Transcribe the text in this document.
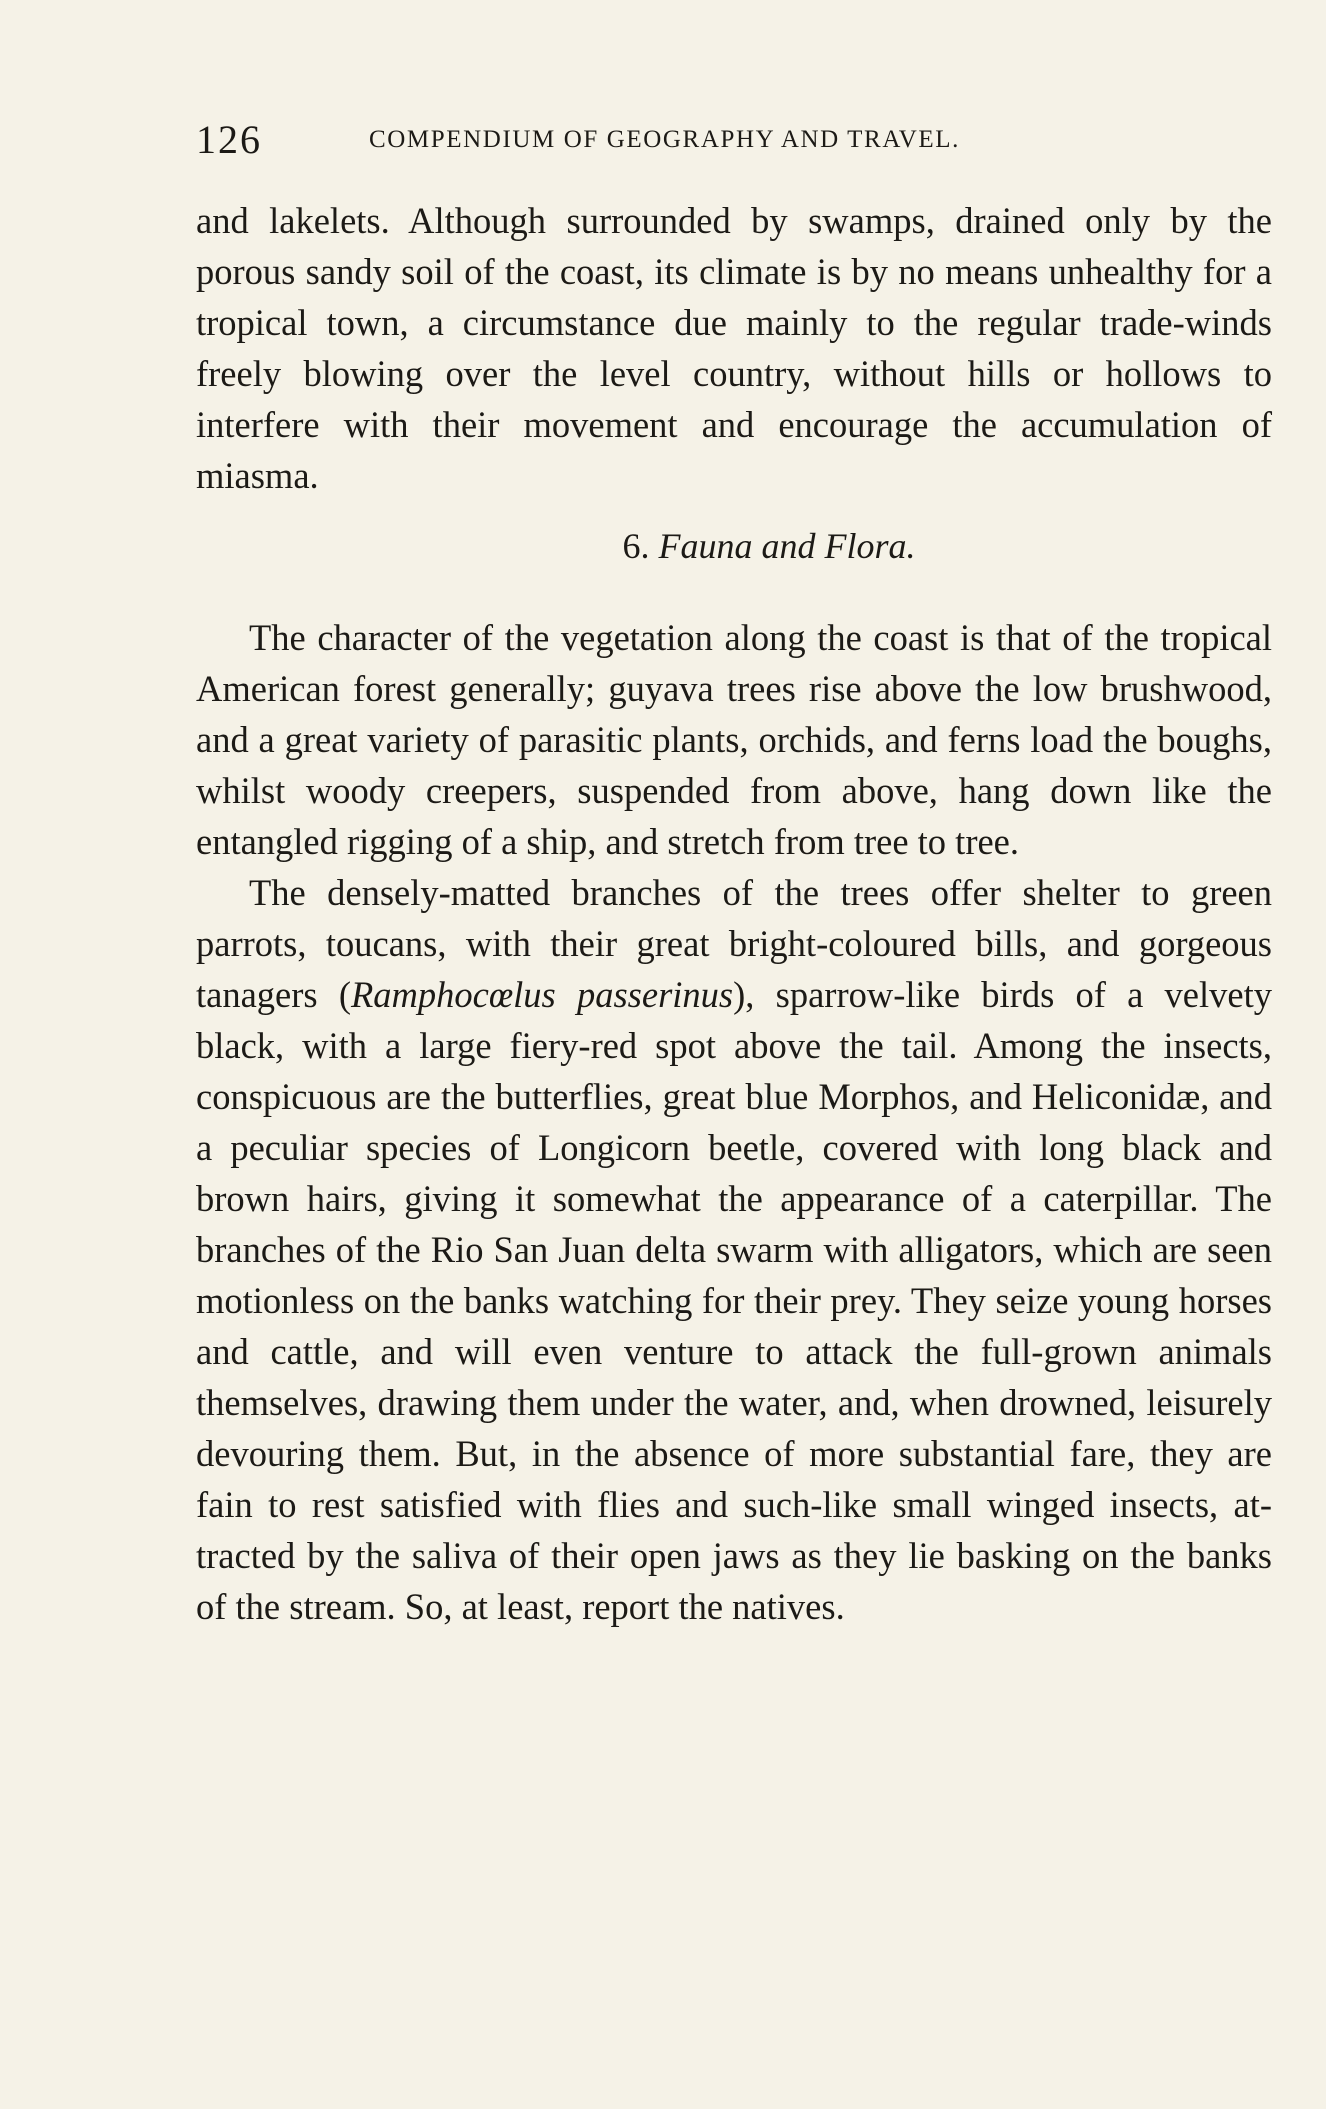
126	COMPENDIUM OF GEOGRAPHY AND TRAVEL.

and lakelets. Although surrounded by swamps, drained only by the porous sandy soil of the coast, its climate is by no means unhealthy for a tropical town, a circumstance due mainly to the regular trade-winds freely blowing over the level country, without hills or hollows to interfere with their movement and encourage the accumulation of miasma.

6. Fauna and Flora.

The character of the vegetation along the coast is that of the tropical American forest generally; guyava trees rise above the low brushwood, and a great variety of parasitic plants, orchids, and ferns load the boughs, whilst woody creepers, suspended from above, hang down like the entangled rigging of a ship, and stretch from tree to tree.

The densely-matted branches of the trees offer shelter to green parrots, toucans, with their great bright-coloured bills, and gorgeous tanagers (Ramphocœlus passerinus), sparrow-like birds of a velvety black, with a large fiery-red spot above the tail. Among the insects, conspicuous are the butterflies, great blue Morphos, and Heliconidæ, and a peculiar species of Longicorn beetle, covered with long black and brown hairs, giving it somewhat the appearance of a caterpillar. The branches of the Rio San Juan delta swarm with alligators, which are seen motionless on the banks watching for their prey. They seize young horses and cattle, and will even venture to attack the full-grown animals themselves, drawing them under the water, and, when drowned, leisurely devouring them. But, in the absence of more substantial fare, they are fain to rest satisfied with flies and such-like small winged insects, attracted by the saliva of their open jaws as they lie basking on the banks of the stream. So, at least, report the natives.
